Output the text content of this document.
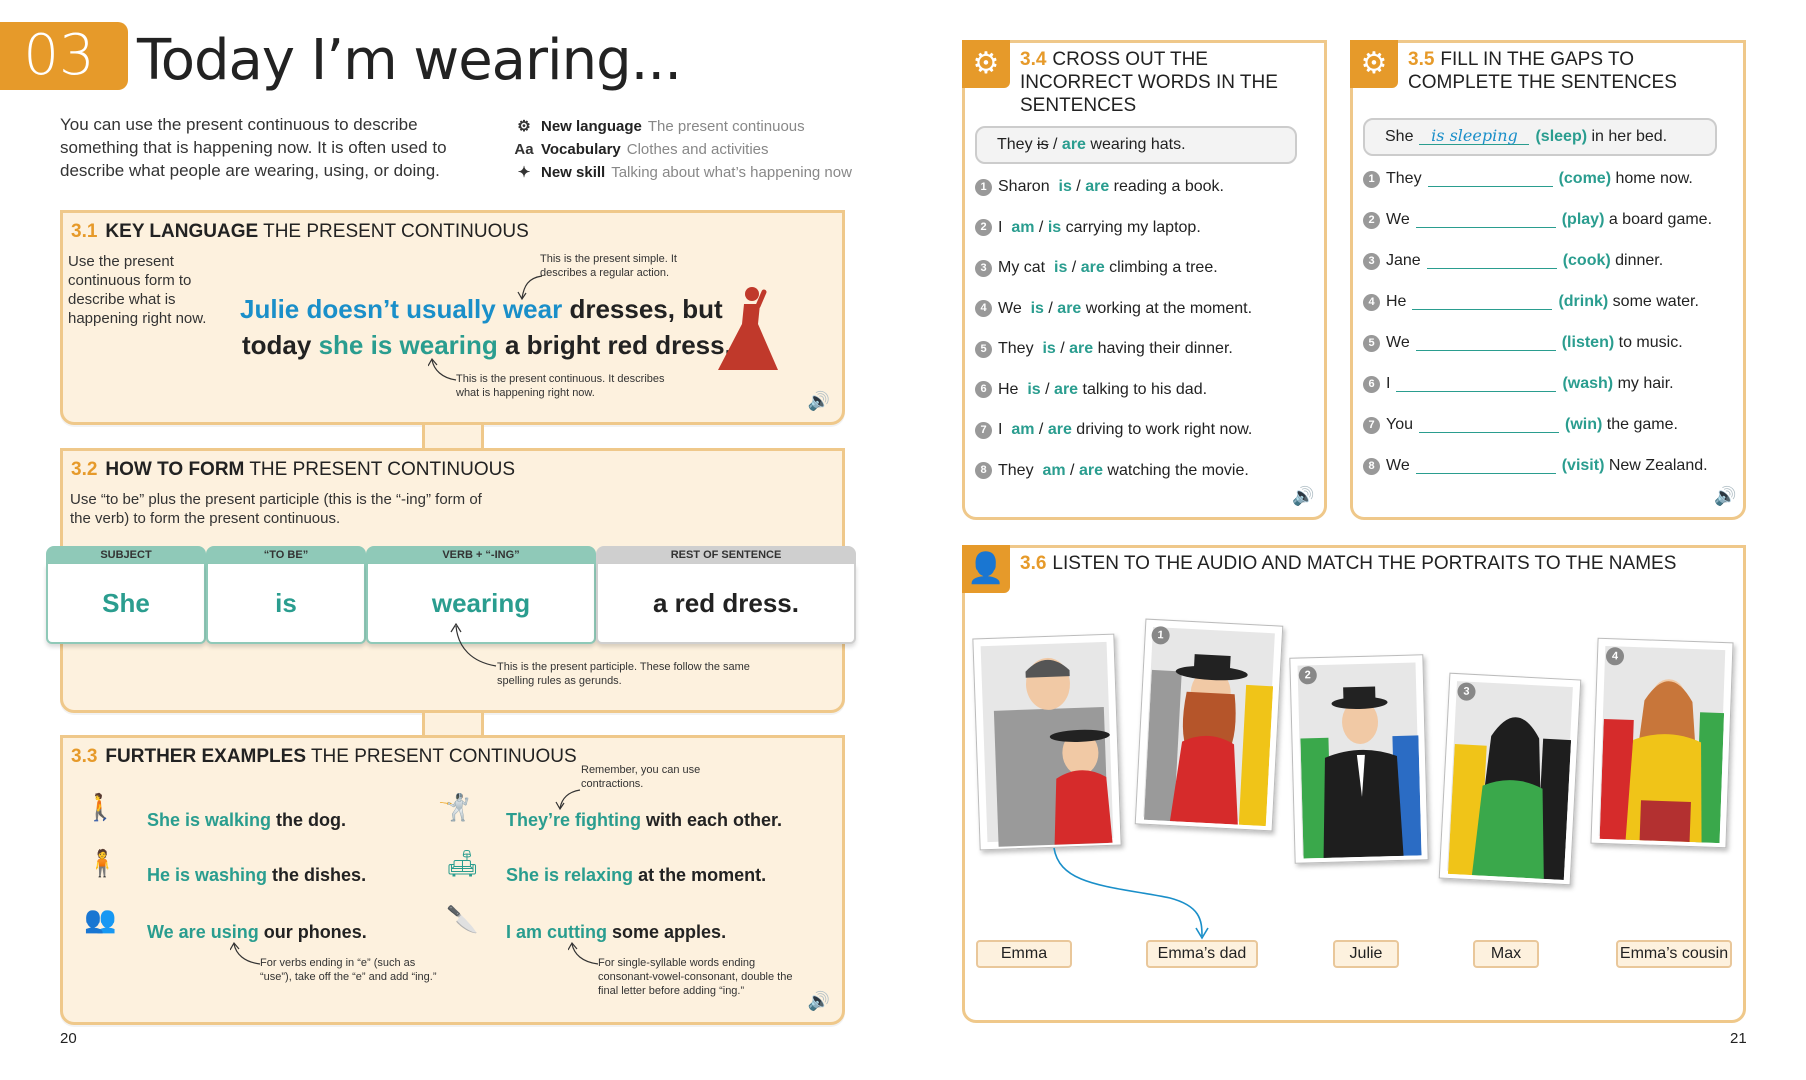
03 Today I’m wearing...
You can use the present continuous to describe something that is happening now. It is often used to describe what people are wearing, using, or doing.
⚙ New language The present continuous
Aa Vocabulary Clothes and activities
✦ New skill Talking about what’s happening now
3.1 KEY LANGUAGE THE PRESENT CONTINUOUS
🔊
Use the present continuous form to describe what is happening right now.
This is the present simple. It describes a regular action.
Julie doesn’t usually wear dresses, but
today she is wearing a bright red dress.
This is the present continuous. It describes what is happening right now.
3.2 HOW TO FORM THE PRESENT CONTINUOUS
Use “to be” plus the present participle (this is the “-ing” form of the verb) to form the present continuous.
SUBJECT
She
“TO BE”
is
VERB + “-ING”
wearing
REST OF SENTENCE
a red dress.
This is the present participle. These follow the same spelling rules as gerunds.
3.3 FURTHER EXAMPLES THE PRESENT CONTINUOUS
🔊
🚶 She is walking the dog.
🧍 He is washing the dishes.
👥 We are using our phones.
🤺 They’re fighting with each other.
🛋 She is relaxing at the moment.
🔪 I am cutting some apples.
Remember, you can use contractions.
For verbs ending in “e” (such as “use”), take off the “e” and add “ing.”
For single-syllable words ending consonant-vowel-consonant, double the final letter before adding “ing.”
⚙	3.4 CROSS OUT THE INCORRECT WORDS IN THE SENTENCES
They is / are wearing hats.
1 Sharon
is / are reading a book.
2 I
am / is carrying my laptop.
3 My cat
is / are climbing a tree.
4 We
is / are working at the moment.
5 They
is / are having their dinner.
6 He
is / are talking to his dad.
7 I
am / are driving to work right now.
8 They
am / are watching the movie.
🔊
⚙	3.5 FILL IN THE GAPS TO COMPLETE THE SENTENCES
She is sleeping (sleep) in her bed.
1 They	(come) home now.
2 We	(play) a board game.
3 Jane	(cook) dinner.
4 He	(drink) some water.
5 We	(listen) to music.
6 I	(wash) my hair.
7 You	(win) the game.
8 We	(visit) New Zealand.
🔊
👤 3.6 LISTEN TO THE AUDIO AND MATCH THE PORTRAITS TO THE NAMES
1
2
3
4
Emma	Emma’s dad	Julie	Max	Emma’s cousin
20	21
